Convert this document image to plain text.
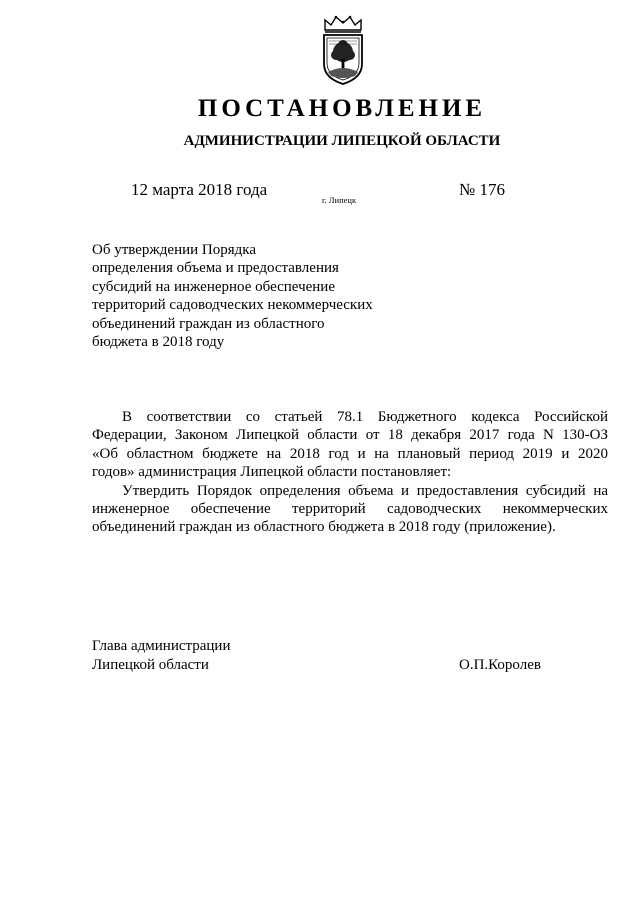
ПОСТАНОВЛЕНИЕ
АДМИНИСТРАЦИИ ЛИПЕЦКОЙ ОБЛАСТИ
12 марта 2018 года
г. Липецк
№ 176
Об утверждении Порядка
определения объема и предоставления
субсидий на инженерное обеспечение
территорий садоводческих некоммерческих
объединений граждан из областного
бюджета в 2018 году
В соответствии со статьей 78.1 Бюджетного кодекса Российской
Федерации, Законом Липецкой области от 18 декабря 2017 года N 130-ОЗ
«Об областном бюджете на 2018 год и на плановый период 2019 и 2020
годов» администрация Липецкой области постановляет:
Утвердить Порядок определения объема и предоставления субсидий на
инженерное обеспечение территорий садоводческих некоммерческих
объединений граждан из областного бюджета в 2018 году (приложение).
Глава администрации
Липецкой области	О.П.Королев
